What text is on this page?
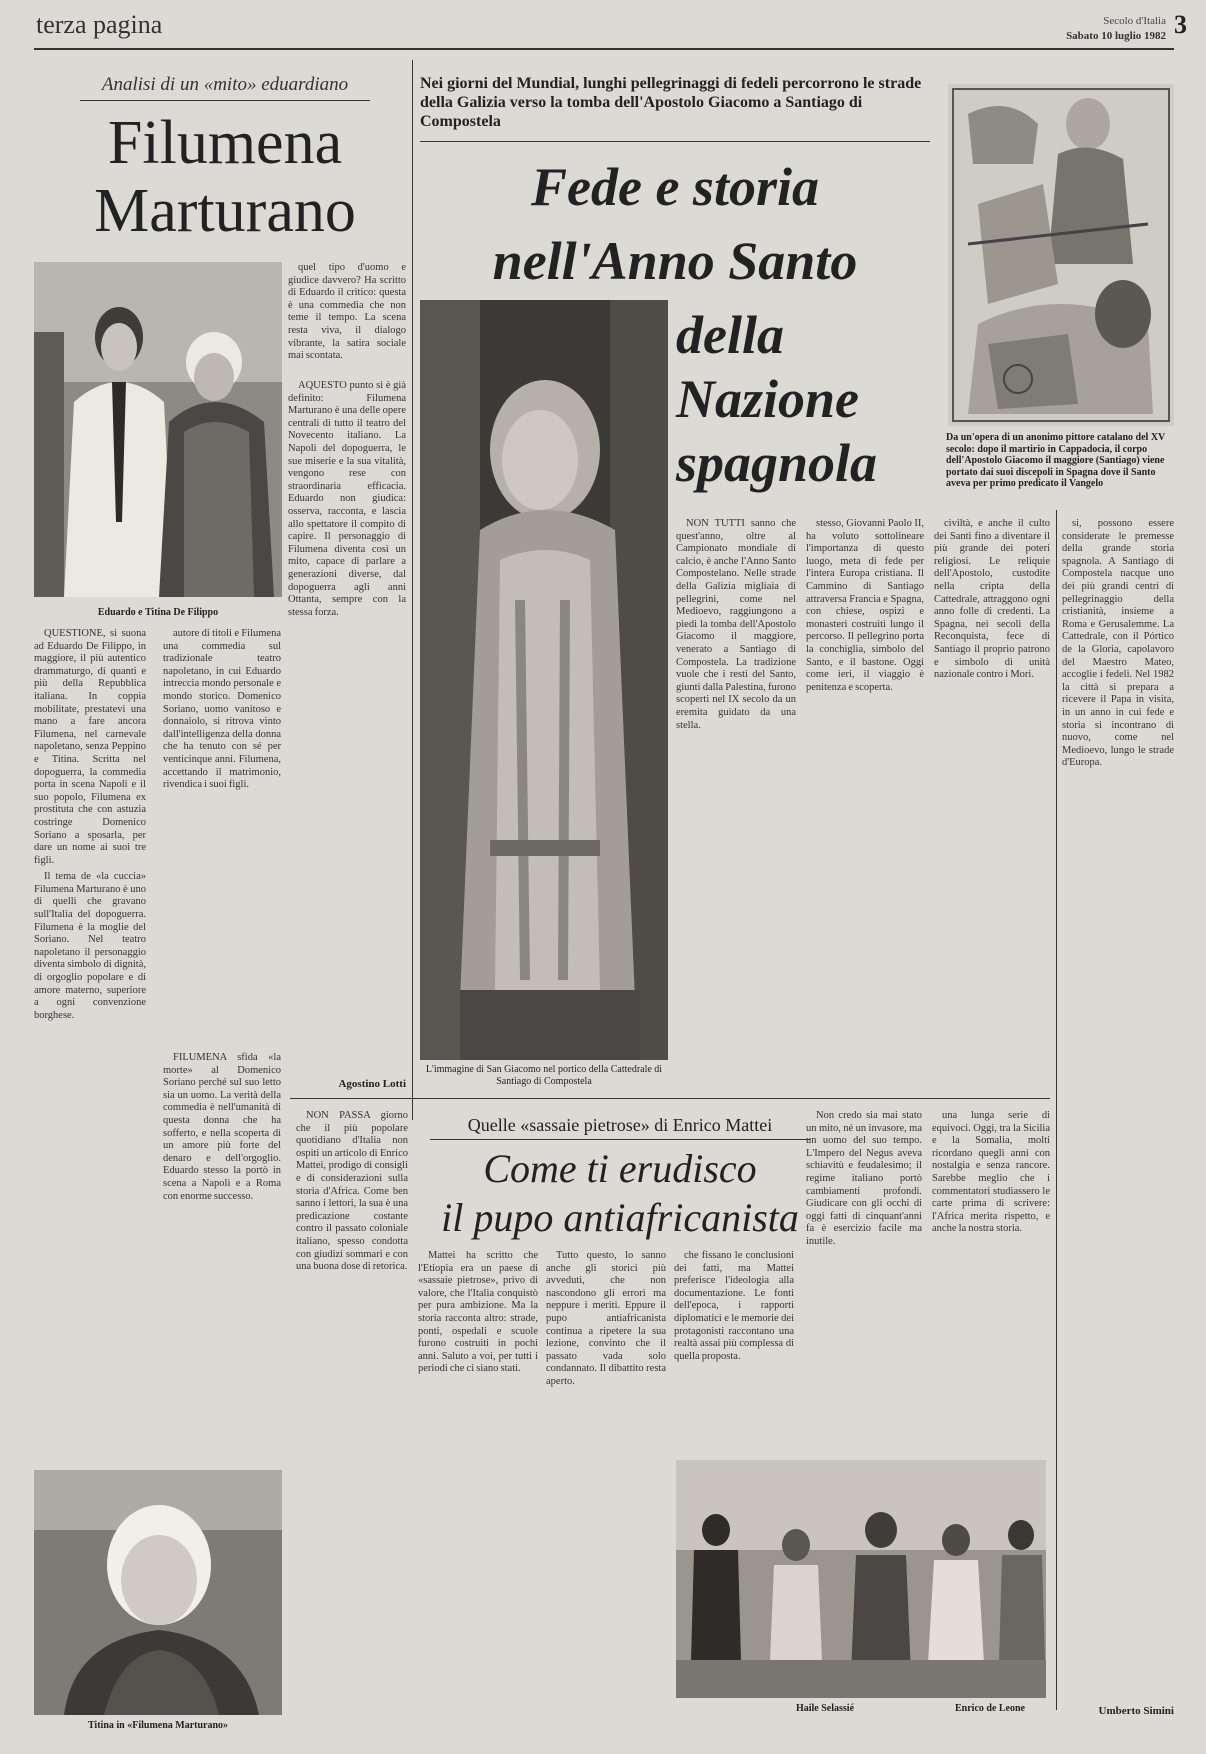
terza pagina	Secolo d'Italia
Sabato 10 luglio 1982 3
Analisi di un «mito» eduardiano
Filumena
Marturano
Eduardo e Titina De Filippo

QUESTIONE, si suona ad Eduardo De Filippo, in maggiore, il più autentico drammaturgo, di quanti e più della Repubblica italiana. In coppia mobilitate, prestatevi una mano a fare ancora Filumena, nel carnevale napoletano, senza Peppino e Titina. Scritta nel dopoguerra, la commedia porta in scena Napoli e il suo popolo, Filumena ex prostituta che con astuzia costringe Domenico Soriano a sposarla, per dare un nome ai suoi tre figli.

Il tema de «la cuccia» Filumena Marturano è uno di quelli che gravano sull'Italia del dopoguerra. Filumena è la moglie del Soriano. Nel teatro napoletano il personaggio diventa simbolo di dignità, di orgoglio popolare e di amore materno, superiore a ogni convenzione borghese.

autore di titoli e Filumena una commedia sul tradizionale teatro napoletano, in cui Eduardo intreccia mondo personale e mondo storico. Domenico Soriano, uomo vanitoso e donnaiolo, si ritrova vinto dall'intelligenza della donna che ha tenuto con sé per venticinque anni. Filumena, accettando il matrimonio, rivendica i suoi figli.

FILUMENA sfida «la morte» al Domenico Soriano perché sul suo letto sia un uomo. La verità della commedia è nell'umanità di questa donna che ha sofferto, e nella scoperta di un amore più forte del denaro e dell'orgoglio. Eduardo stesso la portò in scena a Napoli e a Roma con enorme successo.

quel tipo d'uomo e giudice davvero? Ha scritto di Eduardo il critico: questa è una commedia che non teme il tempo. La scena resta viva, il dialogo vibrante, la satira sociale mai scontata.

AQUESTO punto si è già definito: Filumena Marturano è una delle opere centrali di tutto il teatro del Novecento italiano. La Napoli del dopoguerra, le sue miserie e la sua vitalità, vengono rese con straordinaria efficacia. Eduardo non giudica: osserva, racconta, e lascia allo spettatore il compito di capire. Il personaggio di Filumena diventa così un mito, capace di parlare a generazioni diverse, dal dopoguerra agli anni Ottanta, sempre con la stessa forza.

Agostino Lotti
Titina in «Filumena Marturano»
Nei giorni del Mundial, lunghi pellegrinaggi di fedeli percorrono le strade della Galizia verso la tomba dell'Apostolo Giacomo a Santiago di Compostela
Fede e storia
nell'Anno Santo
della
Nazione
spagnola
L'immagine di San Giacomo nel portico della Cattedrale di Santiago di Compostela

NON TUTTI sanno che quest'anno, oltre al Campionato mondiale di calcio, è anche l'Anno Santo Compostelano. Nelle strade della Galizia migliaia di pellegrini, come nel Medioevo, raggiungono a piedi la tomba dell'Apostolo Giacomo il maggiore, venerato a Santiago di Compostela. La tradizione vuole che i resti del Santo, giunti dalla Palestina, furono scoperti nel IX secolo da un eremita guidato da una stella.

stesso, Giovanni Paolo II, ha voluto sottolineare l'importanza di questo luogo, meta di fede per l'intera Europa cristiana. Il Cammino di Santiago attraversa Francia e Spagna, con chiese, ospizi e monasteri costruiti lungo il percorso. Il pellegrino porta la conchiglia, simbolo del Santo, e il bastone. Oggi come ieri, il viaggio è penitenza e scoperta.

civiltà, e anche il culto dei Santi fino a diventare il più grande dei poteri religiosi. Le reliquie dell'Apostolo, custodite nella cripta della Cattedrale, attraggono ogni anno folle di credenti. La Spagna, nei secoli della Reconquista, fece di Santiago il proprio patrono e simbolo di unità nazionale contro i Mori.

si, possono essere considerate le premesse della grande storia spagnola. A Santiago di Compostela nacque uno dei più grandi centri di pellegrinaggio della cristianità, insieme a Roma e Gerusalemme. La Cattedrale, con il Pórtico de la Gloria, capolavoro del Maestro Mateo, accoglie i fedeli. Nel 1982 la città si prepara a ricevere il Papa in visita, in un anno in cui fede e storia si incontrano di nuovo, come nel Medioevo, lungo le strade d'Europa.

Umberto Simini
Da un'opera di un anonimo pittore catalano del XV secolo: dopo il martirio in Cappadocia, il corpo dell'Apostolo Giacomo il maggiore (Santiago) viene portato dai suoi discepoli in Spagna dove il Santo aveva per primo predicato il Vangelo
Quelle «sassaie pietrose» di Enrico Mattei
Come ti erudisco
il pupo antiafricanista

NON PASSA giorno che il più popolare quotidiano d'Italia non ospiti un articolo di Enrico Mattei, prodigo di consigli e di considerazioni sulla storia d'Africa. Come ben sanno i lettori, la sua è una predicazione costante contro il passato coloniale italiano, spesso condotta con giudizi sommari e con una buona dose di retorica.

Mattei ha scritto che l'Etiopia era un paese di «sassaie pietrose», privo di valore, che l'Italia conquistò per pura ambizione. Ma la storia racconta altro: strade, ponti, ospedali e scuole furono costruiti in pochi anni. Saluto a voi, per tutti i periodi che ci siano stati.

Tutto questo, lo sanno anche gli storici più avveduti, che non nascondono gli errori ma neppure i meriti. Eppure il pupo antiafricanista continua a ripetere la sua lezione, convinto che il passato vada solo condannato. Il dibattito resta aperto.

che fissano le conclusioni dei fatti, ma Mattei preferisce l'ideologia alla documentazione. Le fonti dell'epoca, i rapporti diplomatici e le memorie dei protagonisti raccontano una realtà assai più complessa di quella proposta.

Non credo sia mai stato un mito, né un invasore, ma un uomo del suo tempo. L'Impero del Negus aveva schiavitù e feudalesimo; il regime italiano portò cambiamenti profondi. Giudicare con gli occhi di oggi fatti di cinquant'anni fa è esercizio facile ma inutile.

una lunga serie di equivoci. Oggi, tra la Sicilia e la Somalia, molti ricordano quegli anni con nostalgia e senza rancore. Sarebbe meglio che i commentatori studiassero le carte prima di scrivere: l'Africa merita rispetto, e anche la nostra storia.

Haile Selassié	Enrico de Leone
